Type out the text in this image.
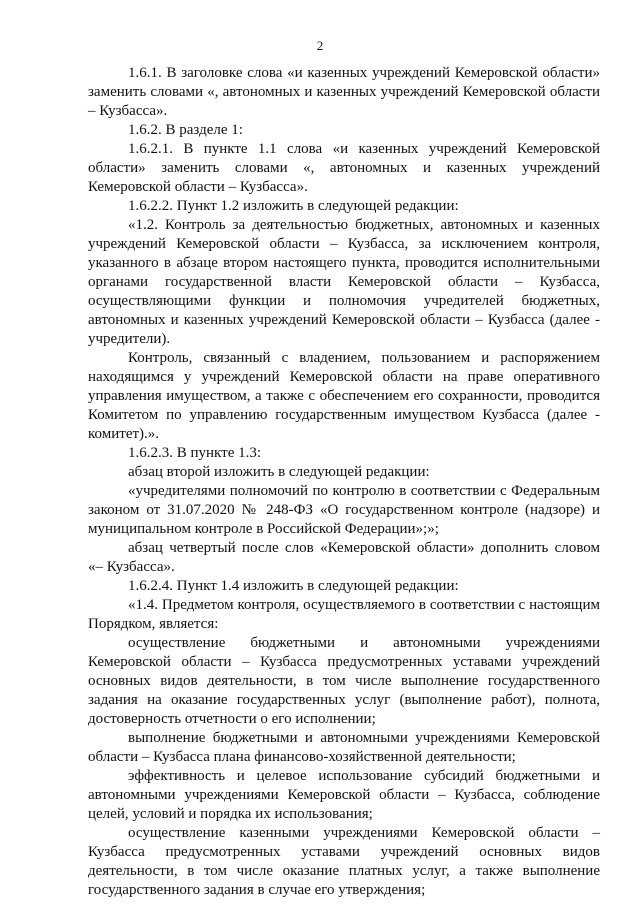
2

1.6.1. В заголовке слова «и казенных учреждений Кемеровской области» заменить словами «, автономных и казенных учреждений Кемеровской области – Кузбасса».

1.6.2. В разделе 1:

1.6.2.1. В пункте 1.1 слова «и казенных учреждений Кемеровской области» заменить словами «, автономных и казенных учреждений Кемеровской области – Кузбасса».

1.6.2.2. Пункт 1.2 изложить в следующей редакции:

«1.2. Контроль за деятельностью бюджетных, автономных и казенных учреждений Кемеровской области – Кузбасса, за исключением контроля, указанного в абзаце втором настоящего пункта, проводится исполнительными органами государственной власти Кемеровской области – Кузбасса, осуществляющими функции и полномочия учредителей бюджетных, автономных и казенных учреждений Кемеровской области – Кузбасса (далее - учредители).

Контроль, связанный с владением, пользованием и распоряжением находящимся у учреждений Кемеровской области на праве оперативного управления имуществом, а также с обеспечением его сохранности, проводится Комитетом по управлению государственным имуществом Кузбасса (далее - комитет).».

1.6.2.3. В пункте 1.3:

абзац второй изложить в следующей редакции:

«учредителями полномочий по контролю в соответствии с Федеральным законом от 31.07.2020 № 248-ФЗ «О государственном контроле (надзоре) и муниципальном контроле в Российской Федерации»;»;

абзац четвертый после слов «Кемеровской области» дополнить словом «– Кузбасса».

1.6.2.4. Пункт 1.4 изложить в следующей редакции:

«1.4. Предметом контроля, осуществляемого в соответствии с настоящим Порядком, является:

осуществление бюджетными и автономными учреждениями Кемеровской области – Кузбасса предусмотренных уставами учреждений основных видов деятельности, в том числе выполнение государственного задания на оказание государственных услуг (выполнение работ), полнота, достоверность отчетности о его исполнении;

выполнение бюджетными и автономными учреждениями Кемеровской области – Кузбасса плана финансово-хозяйственной деятельности;

эффективность и целевое использование субсидий бюджетными и автономными учреждениями Кемеровской области – Кузбасса, соблюдение целей, условий и порядка их использования;

осуществление казенными учреждениями Кемеровской области – Кузбасса предусмотренных уставами учреждений основных видов деятельности, в том числе оказание платных услуг, а также выполнение государственного задания в случае его утверждения;
